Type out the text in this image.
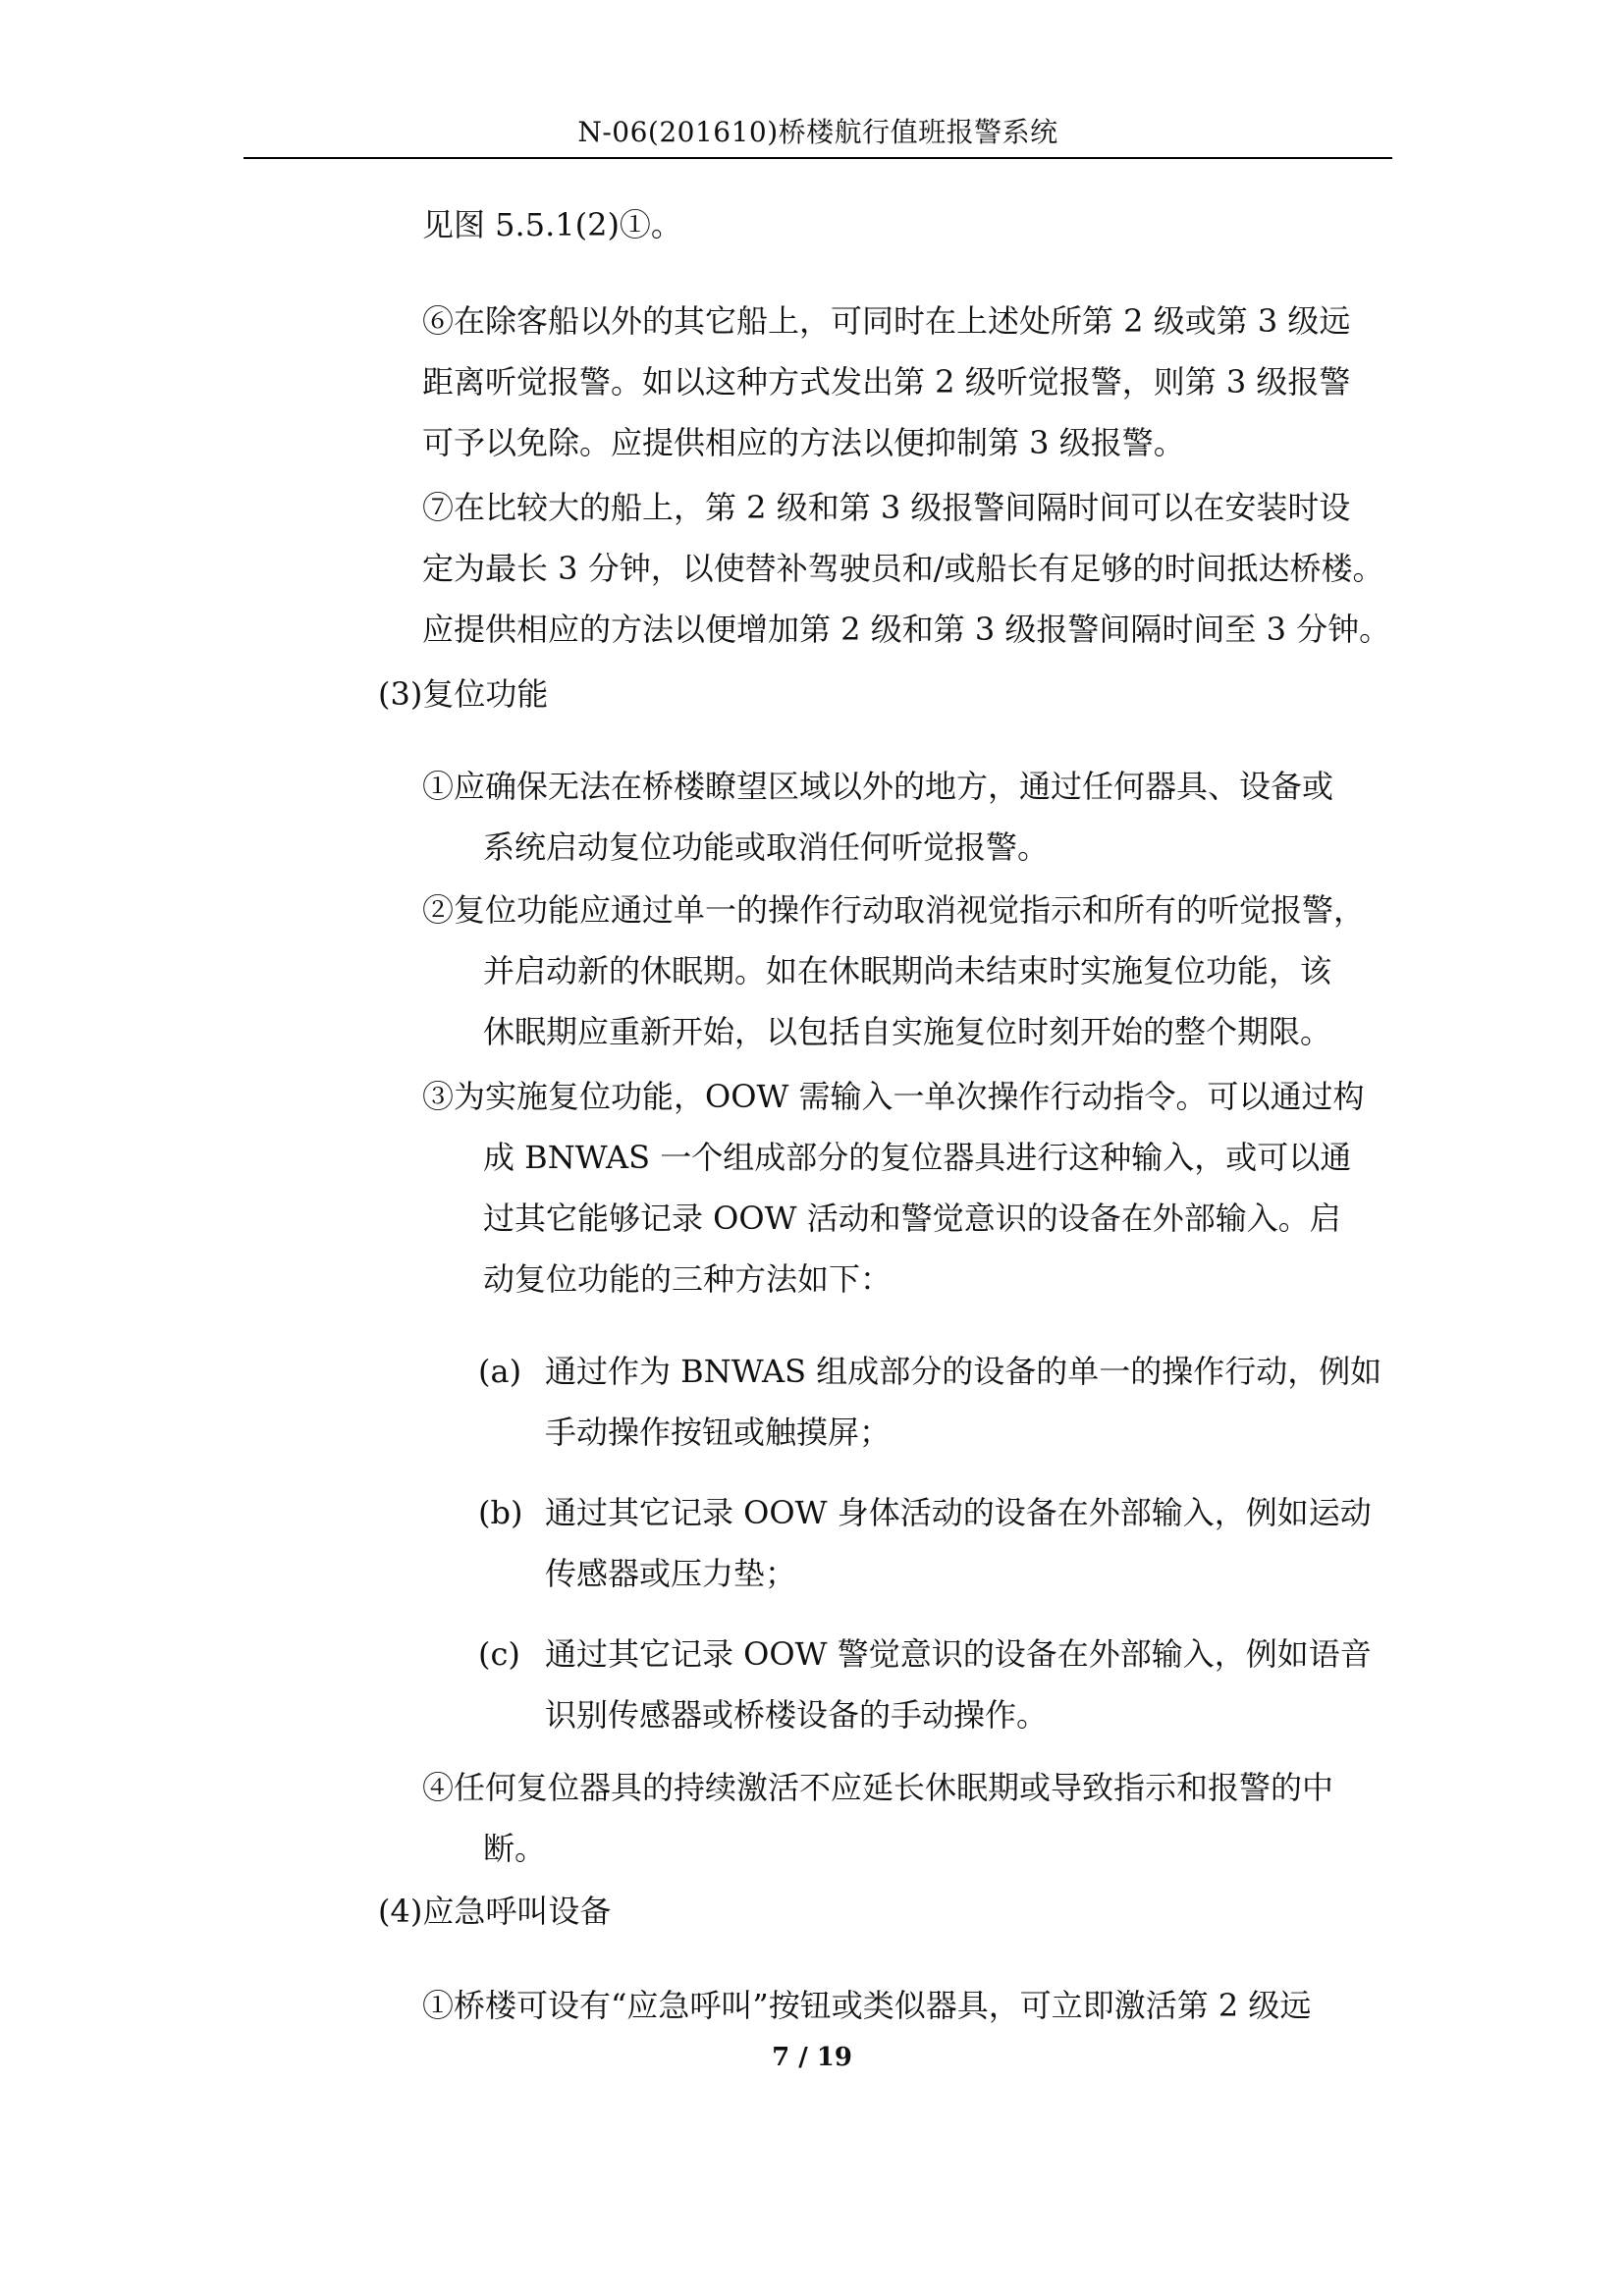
N-06(201610)桥楼航行值班报警系统
见图 5.5.1(2)①。
⑥在除客船以外的其它船上，可同时在上述处所第 2 级或第 3 级远
距离听觉报警。如以这种方式发出第 2 级听觉报警，则第 3 级报警
可予以免除。应提供相应的方法以便抑制第 3 级报警。
⑦在比较大的船上，第 2 级和第 3 级报警间隔时间可以在安装时设
定为最长 3 分钟，以使替补驾驶员和/或船长有足够的时间抵达桥楼。
应提供相应的方法以便增加第 2 级和第 3 级报警间隔时间至 3 分钟。
(3)复位功能
①应确保无法在桥楼瞭望区域以外的地方，通过任何器具、设备或
系统启动复位功能或取消任何听觉报警。
②复位功能应通过单一的操作行动取消视觉指示和所有的听觉报警，
并启动新的休眠期。如在休眠期尚未结束时实施复位功能，该
休眠期应重新开始，以包括自实施复位时刻开始的整个期限。
③为实施复位功能，OOW 需输入一单次操作行动指令。可以通过构
成 BNWAS 一个组成部分的复位器具进行这种输入，或可以通
过其它能够记录 OOW 活动和警觉意识的设备在外部输入。启
动复位功能的三种方法如下：
(a) 通过作为 BNWAS 组成部分的设备的单一的操作行动，例如
手动操作按钮或触摸屏；
(b) 通过其它记录 OOW 身体活动的设备在外部输入，例如运动
传感器或压力垫；
(c) 通过其它记录 OOW 警觉意识的设备在外部输入，例如语音
识别传感器或桥楼设备的手动操作。
④任何复位器具的持续激活不应延长休眠期或导致指示和报警的中
断。
(4)应急呼叫设备
①桥楼可设有“应急呼叫”按钮或类似器具，可立即激活第 2 级远
7 / 19
